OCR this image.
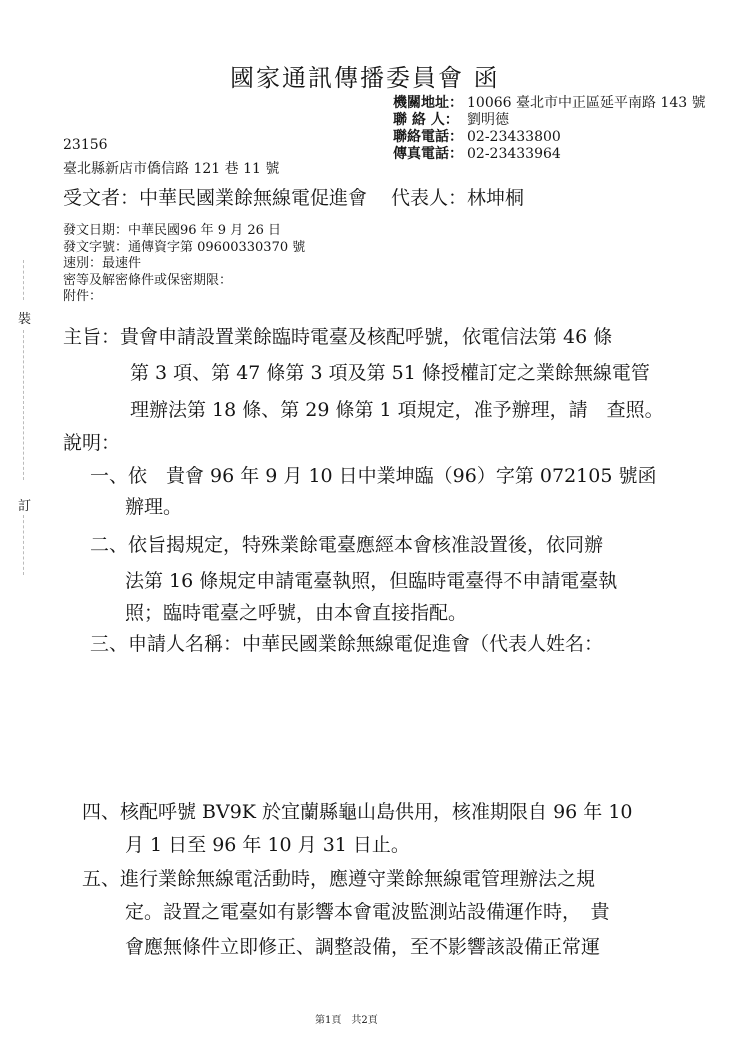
國家通訊傳播委員會 函
機關地址： 10066 臺北市中正區延平南路 143 號
聯 絡 人： 劉明德
聯絡電話： 02-23433800
傳真電話： 02-23433964
23156
臺北縣新店市僑信路 121 巷 11 號
受文者：中華民國業餘無線電促進會 代表人：林坤桐
發文日期：中華民國96 年 9 月 26 日
發文字號：通傳資字第 09600330370 號
速別：最速件
密等及解密條件或保密期限：
附件：
裝
訂
主旨：貴會申請設置業餘臨時電臺及核配呼號，依電信法第 46 條
第 3 項、第 47 條第 3 項及第 51 條授權訂定之業餘無線電管
理辦法第 18 條、第 29 條第 1 項規定，准予辦理，請　查照。
說明：
一、依　貴會 96 年 9 月 10 日中業坤臨（96）字第 072105 號函
辦理。
二、依旨揭規定，特殊業餘電臺應經本會核准設置後，依同辦
法第 16 條規定申請電臺執照，但臨時電臺得不申請電臺執
照；臨時電臺之呼號，由本會直接指配。
三、申請人名稱：中華民國業餘無線電促進會（代表人姓名：
四、核配呼號 BV9K 於宜蘭縣龜山島供用，核准期限自 96 年 10
月 1 日至 96 年 10 月 31 日止。
五、進行業餘無線電活動時，應遵守業餘無線電管理辦法之規
定。設置之電臺如有影響本會電波監測站設備運作時，　貴
會應無條件立即修正、調整設備，至不影響該設備正常運
第1頁 共2頁
